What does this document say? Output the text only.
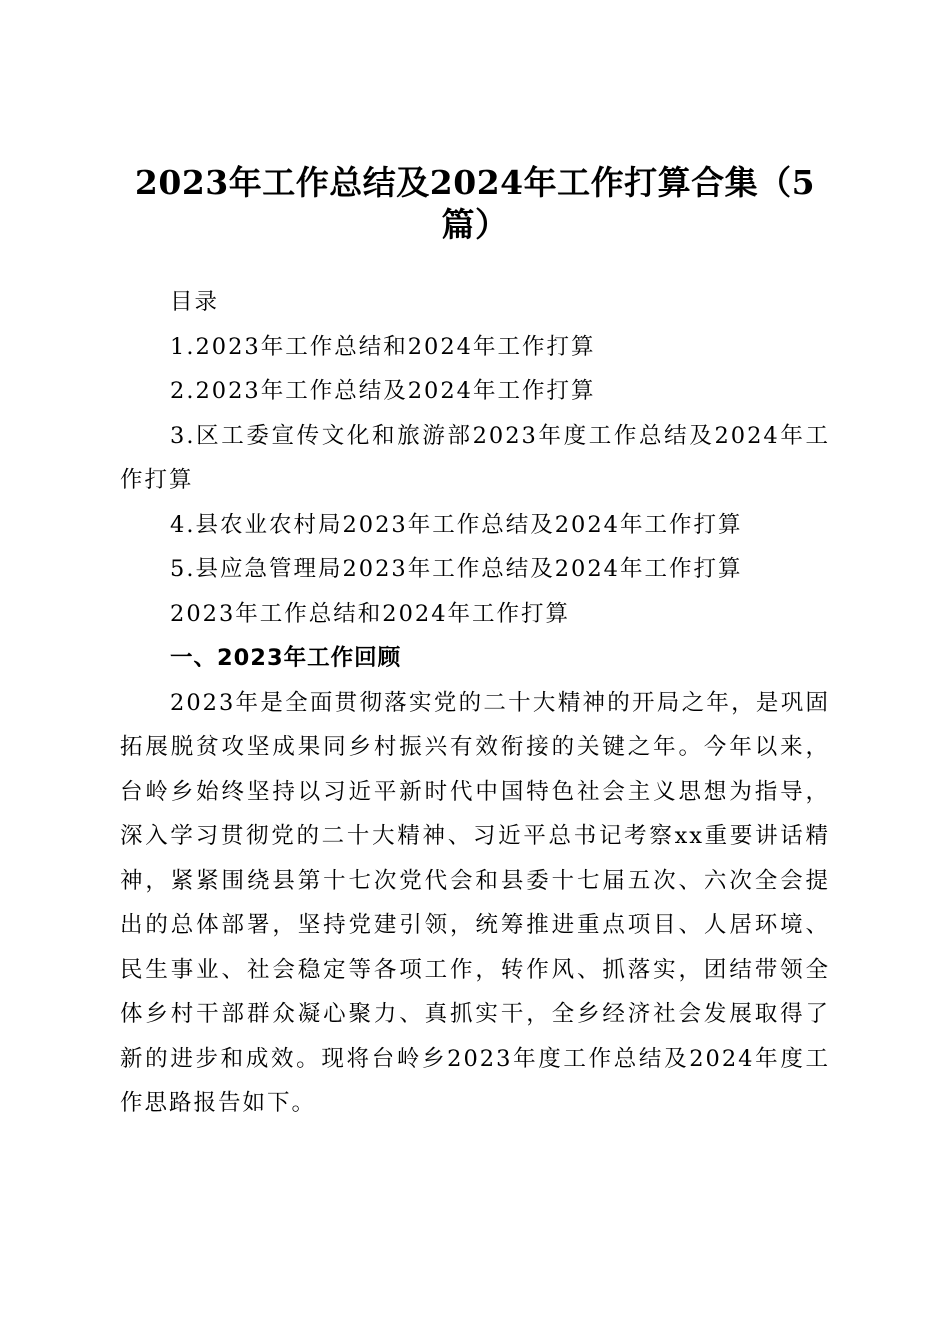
2023年工作总结及2024年工作打算合集（5篇）

目录

1.2023年工作总结和2024年工作打算

2.2023年工作总结及2024年工作打算

3.区工委宣传文化和旅游部2023年度工作总结及2024年工作打算

4.县农业农村局2023年工作总结及2024年工作打算

5.县应急管理局2023年工作总结及2024年工作打算

2023年工作总结和2024年工作打算

一、2023年工作回顾

2023年是全面贯彻落实党的二十大精神的开局之年，是巩固拓展脱贫攻坚成果同乡村振兴有效衔接的关键之年。今年以来，台岭乡始终坚持以习近平新时代中国特色社会主义思想为指导，深入学习贯彻党的二十大精神、习近平总书记考察xx重要讲话精神，紧紧围绕县第十七次党代会和县委十七届五次、六次全会提出的总体部署，坚持党建引领，统筹推进重点项目、人居环境、民生事业、社会稳定等各项工作，转作风、抓落实，团结带领全体乡村干部群众凝心聚力、真抓实干，全乡经济社会发展取得了新的进步和成效。现将台岭乡2023年度工作总结及2024年度工作思路报告如下。
